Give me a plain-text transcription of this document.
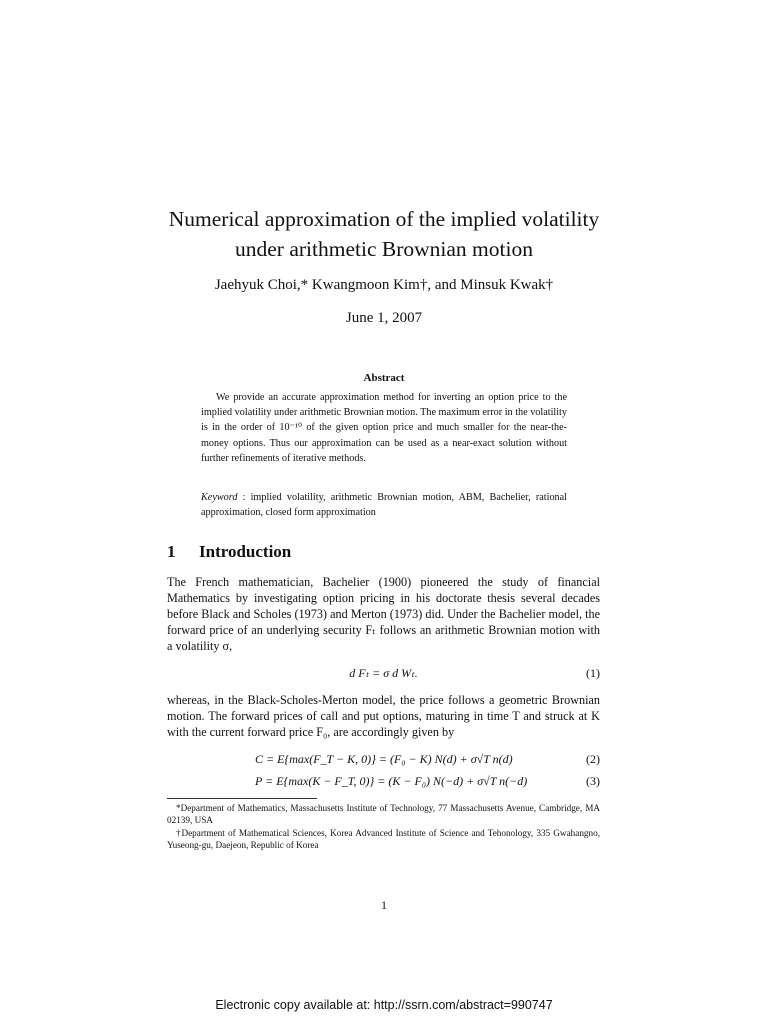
Numerical approximation of the implied volatility
under arithmetic Brownian motion
Jaehyuk Choi,* Kwangmoon Kim†, and Minsuk Kwak†
June 1, 2007
Abstract
We provide an accurate approximation method for inverting an option price to the implied volatility under arithmetic Brownian motion. The maximum error in the volatility is in the order of 10⁻¹⁰ of the given option price and much smaller for the near-the-money options. Thus our approximation can be used as a near-exact solution without further refinements of iterative methods.
Keyword : implied volatility, arithmetic Brownian motion, ABM, Bachelier, rational approximation, closed form approximation
1 Introduction
The French mathematician, Bachelier (1900) pioneered the study of financial Mathematics by investigating option pricing in his doctorate thesis several decades before Black and Scholes (1973) and Merton (1973) did. Under the Bachelier model, the forward price of an underlying security Fₜ follows an arithmetic Brownian motion with a volatility σ,
d Fₜ = σ d Wₜ.	(1)
whereas, in the Black-Scholes-Merton model, the price follows a geometric Brownian motion. The forward prices of call and put options, maturing in time T and struck at K with the current forward price F₀, are accordingly given by
C = E{max(F_T − K, 0)} = (F₀ − K) N(d) + σ√T n(d)	(2)
P = E{max(K − F_T, 0)} = (K − F₀) N(−d) + σ√T n(−d)	(3)
*Department of Mathematics, Massachusetts Institute of Technology, 77 Massachusetts Avenue, Cambridge, MA 02139, USA
†Department of Mathematical Sciences, Korea Advanced Institute of Science and Tehonology, 335 Gwahangno, Yuseong-gu, Daejeon, Republic of Korea
1
Electronic copy available at: http://ssrn.com/abstract=990747
